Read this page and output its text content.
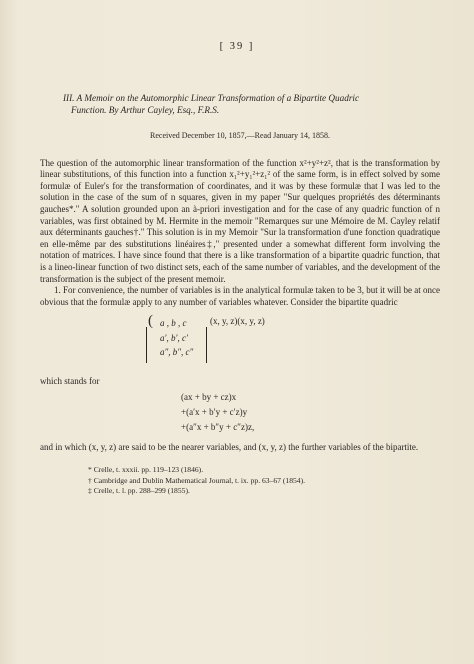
[ 39 ]
III. A Memoir on the Automorphic Linear Transformation of a Bipartite Quadric
Function. By Arthur Cayley, Esq., F.R.S.
Received December 10, 1857,—Read January 14, 1858.

The question of the automorphic linear transformation of the function x²+y²+z², that is the transformation by linear substitutions, of this function into a function x₁²+y₁²+z₁² of the same form, is in effect solved by some formulæ of Euler's for the transformation of coordinates, and it was by these formulæ that I was led to the solution in the case of the sum of n squares, given in my paper "Sur quelques propriétés des déterminants gauches*." A solution grounded upon an à-priori investigation and for the case of any quadric function of n variables, was first obtained by M. Hermite in the memoir "Remarques sur une Mémoire de M. Cayley relatif aux déterminants gauches†." This solution is in my Memoir "Sur la transformation d'une fonction quadratique en elle-même par des substitutions linéaires‡," presented under a somewhat different form involving the notation of matrices. I have since found that there is a like transformation of a bipartite quadric function, that is a lineo-linear function of two distinct sets, each of the same number of variables, and the development of the transformation is the subject of the present memoir.

1. For convenience, the number of variables is in the analytical formulæ taken to be 3, but it will be at once obvious that the formulæ apply to any number of variables whatever. Consider the bipartite quadric

( a , b , c
a′, b′, c′
a″, b″, c″
(x, y, z)(x, y, z)
which stands for
(ax + by + cz)x
+(a′x + b′y + c′z)y
+(a″x + b″y + c″z)z,

and in which (x, y, z) are said to be the nearer variables, and (x, y, z) the further variables of the bipartite.

* Crelle, t. xxxii. pp. 119–123 (1846).
† Cambridge and Dublin Mathematical Journal, t. ix. pp. 63–67 (1854).
‡ Crelle, t. l. pp. 288–299 (1855).
